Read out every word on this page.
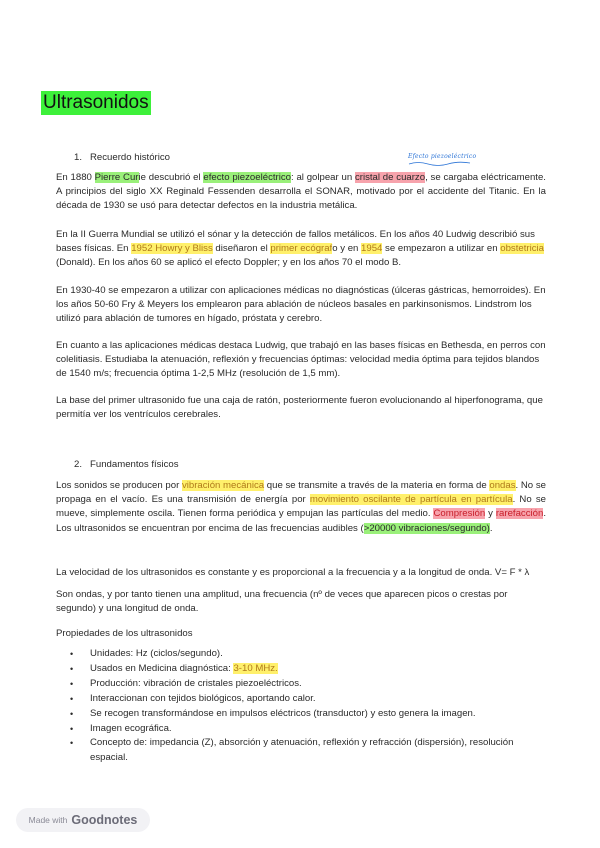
Ultrasonidos
Efecto piezoeléctrico
1. Recuerdo histórico

En 1880 Pierre Curie descubrió el efecto piezoeléctrico: al golpear un cristal de cuarzo, se cargaba eléctricamente. A principios del siglo XX Reginald Fessenden desarrolla el SONAR, motivado por el accidente del Titanic. En la década de 1930 se usó para detectar defectos en la industria metálica.

En la II Guerra Mundial se utilizó el sónar y la detección de fallos metálicos. En los años 40 Ludwig describió sus bases físicas. En 1952 Howry y Bliss diseñaron el primer ecógrafo y en 1954 se empezaron a utilizar en obstetricia (Donald). En los años 60 se aplicó el efecto Doppler; y en los años 70 el modo B.

En 1930-40 se empezaron a utilizar con aplicaciones médicas no diagnósticas (úlceras gástricas, hemorroides). En los años 50-60 Fry & Meyers los emplearon para ablación de núcleos basales en parkinsonismos. Lindstrom los utilizó para ablación de tumores en hígado, próstata y cerebro.

En cuanto a las aplicaciones médicas destaca Ludwig, que trabajó en las bases físicas en Bethesda, en perros con colelitiasis. Estudiaba la atenuación, reflexión y frecuencias óptimas: velocidad media óptima para tejidos blandos de 1540 m/s; frecuencia óptima 1-2,5 MHz (resolución de 1,5 mm).

La base del primer ultrasonido fue una caja de ratón, posteriormente fueron evolucionando al hiperfonograma, que permitía ver los ventrículos cerebrales.

2. Fundamentos físicos

Los sonidos se producen por vibración mecánica que se transmite a través de la materia en forma de ondas. No se propaga en el vacío. Es una transmisión de energía por movimiento oscilante de partícula en partícula. No se mueve, simplemente oscila. Tienen forma periódica y empujan las partículas del medio. Compresión y rarefacción. Los ultrasonidos se encuentran por encima de las frecuencias audibles (>20000 vibraciones/segundo).

La velocidad de los ultrasonidos es constante y es proporcional a la frecuencia y a la longitud de onda. V= F * λ

Son ondas, y por tanto tienen una amplitud, una frecuencia (nº de veces que aparecen picos o crestas por segundo) y una longitud de onda.

Propiedades de los ultrasonidos

• Unidades: Hz (ciclos/segundo).
• Usados en Medicina diagnóstica: 3-10 MHz.
• Producción: vibración de cristales piezoeléctricos.
• Interaccionan con tejidos biológicos, aportando calor.
• Se recogen transformándose en impulsos eléctricos (transductor) y esto genera la imagen.
• Imagen ecográfica.
• Concepto de: impedancia (Z), absorción y atenuación, reflexión y refracción (dispersión), resolución espacial.
Made with Goodnotes
